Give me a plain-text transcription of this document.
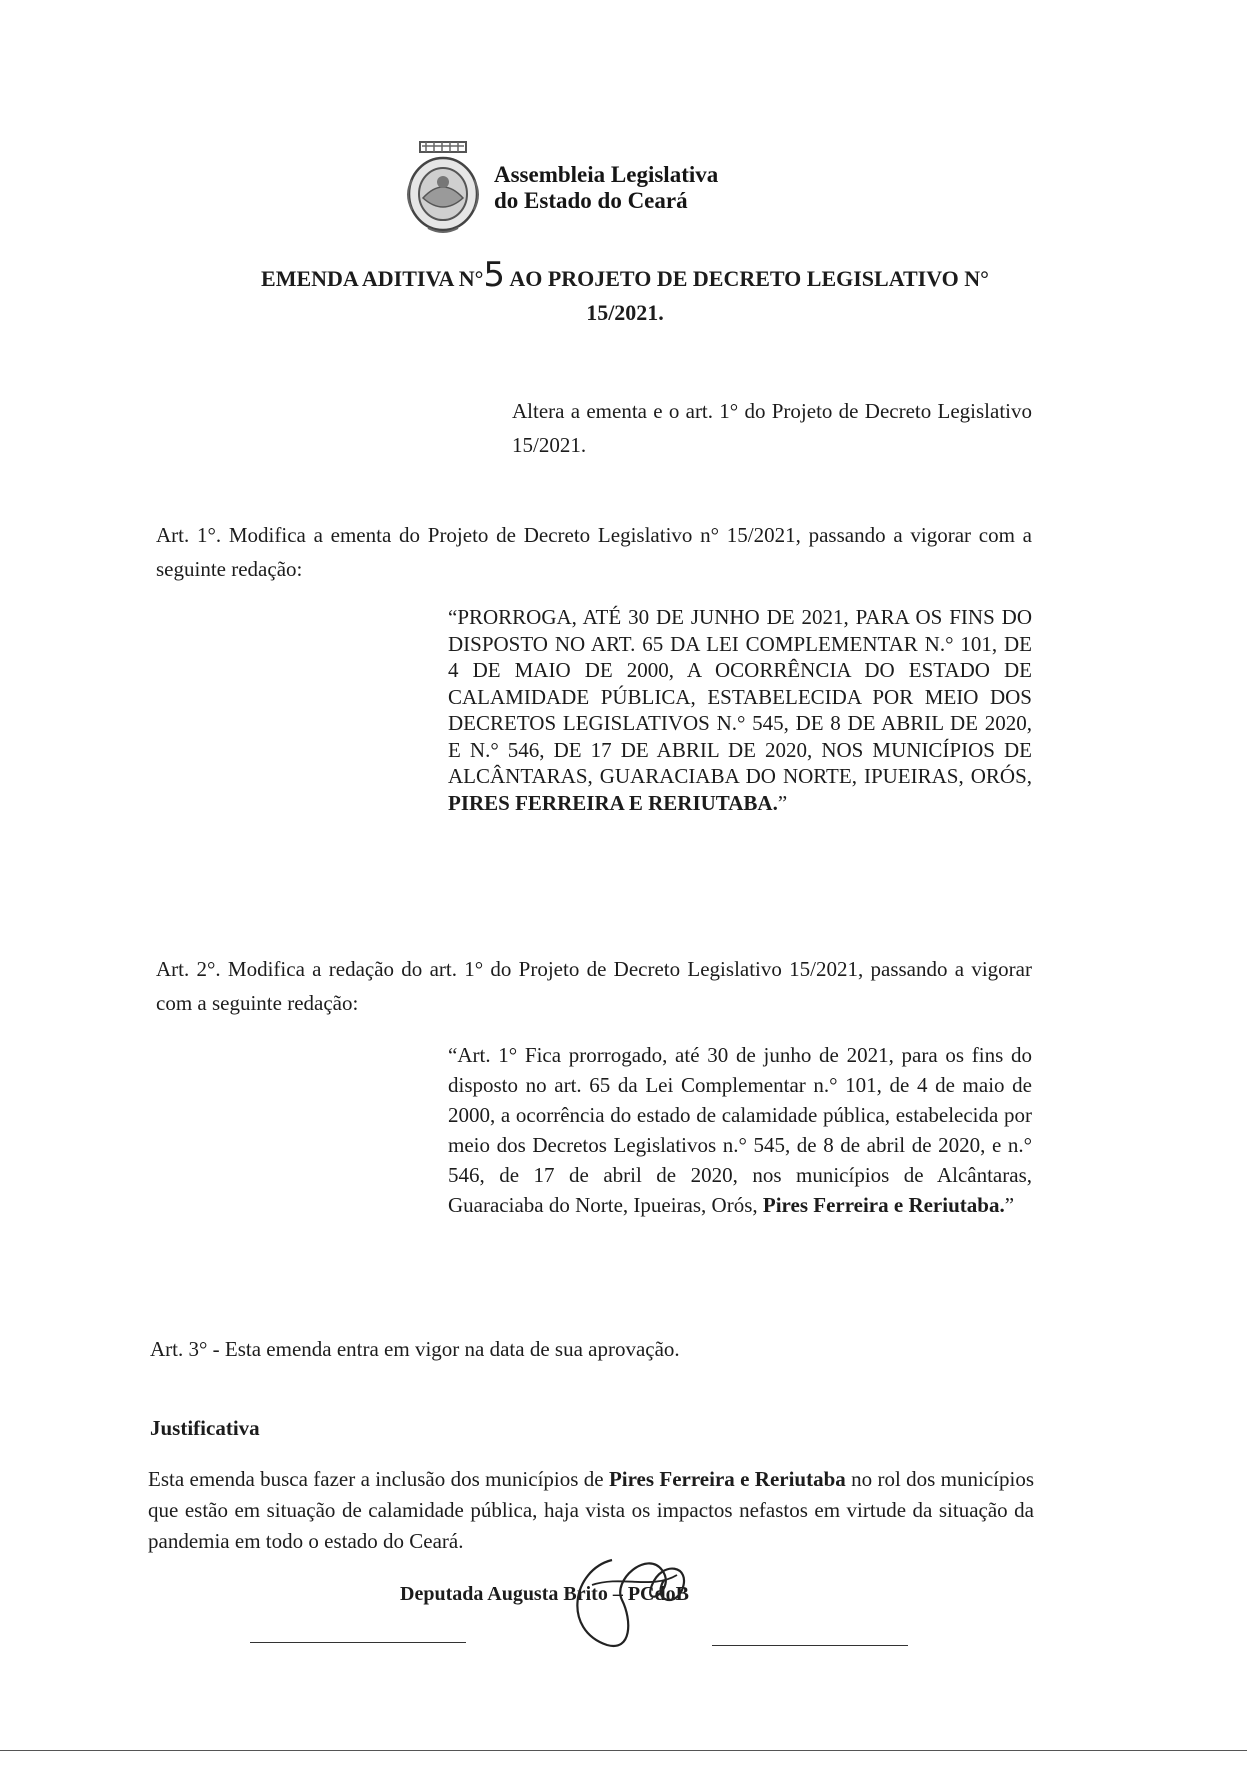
Assembleia Legislativa
do Estado do Ceará
EMENDA ADITIVA N°5 AO PROJETO DE DECRETO LEGISLATIVO N°
15/2021.
Altera a ementa e o art. 1° do Projeto de Decreto Legislativo 15/2021.

Art. 1°. Modifica a ementa do Projeto de Decreto Legislativo n° 15/2021, passando a vigorar com a seguinte redação:

“PRORROGA, ATÉ 30 DE JUNHO DE 2021, PARA OS FINS DO DISPOSTO NO ART. 65 DA LEI COMPLEMENTAR N.° 101, DE 4 DE MAIO DE 2000, A OCORRÊNCIA DO ESTADO DE CALAMIDADE PÚBLICA, ESTABELECIDA POR MEIO DOS DECRETOS LEGISLATIVOS N.° 545, DE 8 DE ABRIL DE 2020, E N.° 546, DE 17 DE ABRIL DE 2020, NOS MUNICÍPIOS DE ALCÂNTARAS, GUARACIABA DO NORTE, IPUEIRAS, ORÓS, PIRES FERREIRA E RERIUTABA.”

Art. 2°. Modifica a redação do art. 1° do Projeto de Decreto Legislativo 15/2021, passando a vigorar com a seguinte redação:

“Art. 1° Fica prorrogado, até 30 de junho de 2021, para os fins do disposto no art. 65 da Lei Complementar n.° 101, de 4 de maio de 2000, a ocorrência do estado de calamidade pública, estabelecida por meio dos Decretos Legislativos n.° 545, de 8 de abril de 2020, e n.° 546, de 17 de abril de 2020, nos municípios de Alcântaras, Guaraciaba do Norte, Ipueiras, Orós, Pires Ferreira e Reriutaba.”

Art. 3° - Esta emenda entra em vigor na data de sua aprovação.

Justificativa
Esta emenda busca fazer a inclusão dos municípios de Pires Ferreira e Reriutaba no rol dos municípios que estão em situação de calamidade pública, haja vista os impactos nefastos em virtude da situação da pandemia em todo o estado do Ceará.
Deputada Augusta Brito – PCdoB
